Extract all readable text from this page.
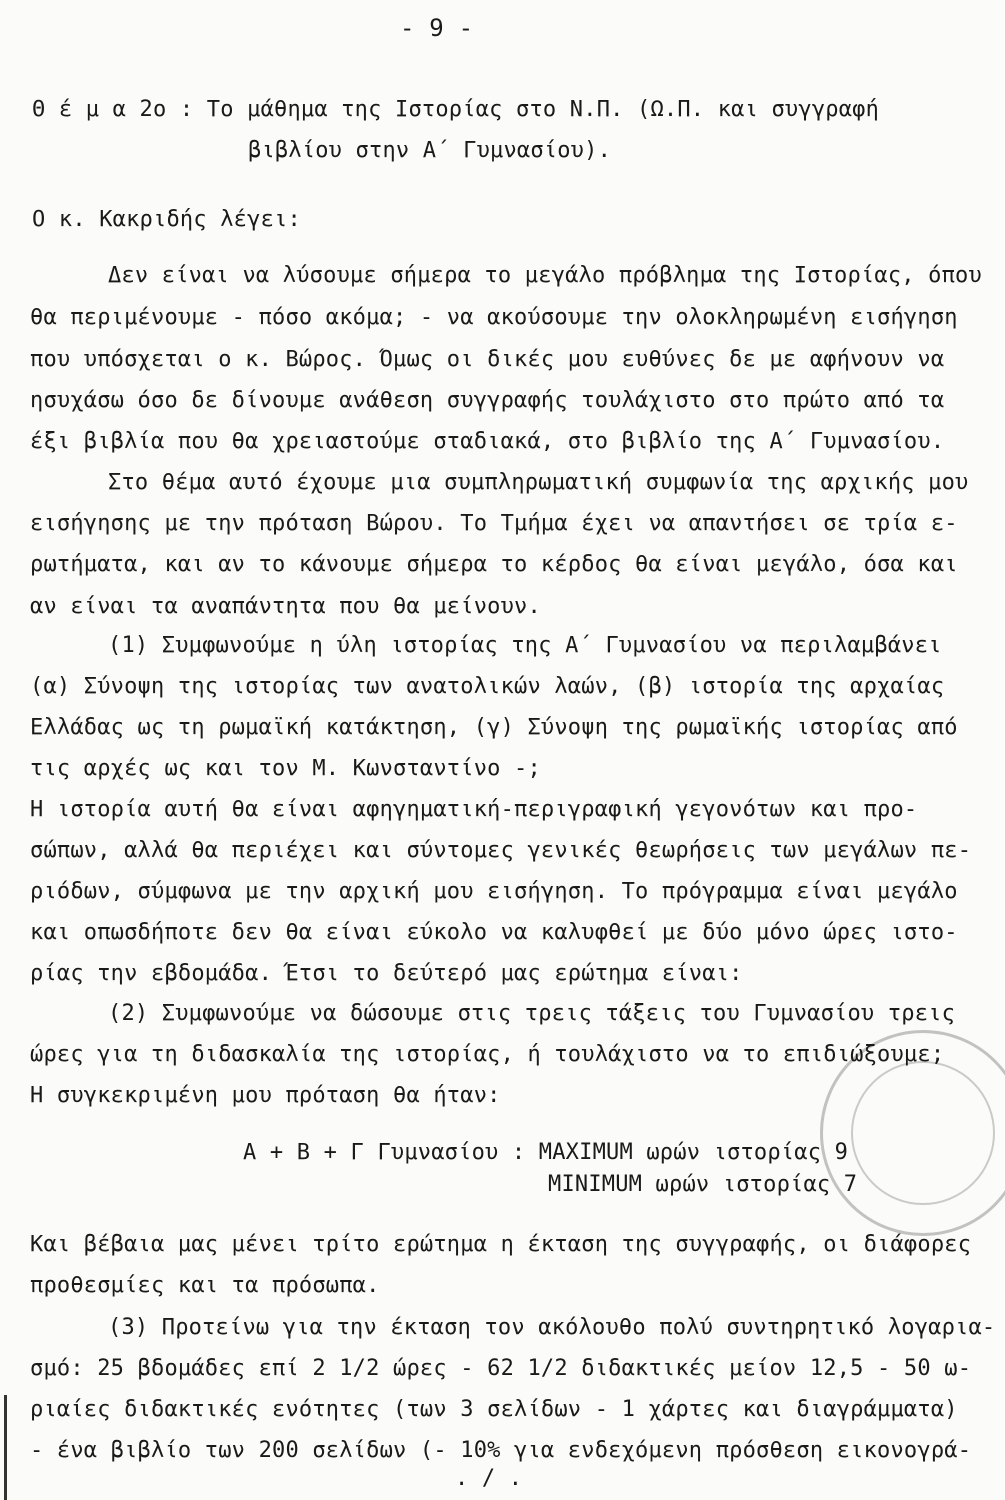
- 9 -
Θ έ μ α 2ο : Το μάθημα της Ιστορίας στο Ν.Π. (Ω.Π. και συγγραφή
βιβλίου στην Α΄ Γυμνασίου).
Ο κ. Κακριδής λέγει:
Δεν είναι να λύσουμε σήμερα το μεγάλο πρόβλημα της Ιστορίας, όπου
θα περιμένουμε - πόσο ακόμα; - να ακούσουμε την ολοκληρωμένη εισήγηση
που υπόσχεται ο κ. Βώρος. Όμως οι δικές μου ευθύνες δε με αφήνουν να
ησυχάσω όσο δε δίνουμε ανάθεση συγγραφής τουλάχιστο στο πρώτο από τα
έξι βιβλία που θα χρειαστούμε σταδιακά, στο βιβλίο της Α΄ Γυμνασίου.
Στο θέμα αυτό έχουμε μια συμπληρωματική συμφωνία της αρχικής μου
εισήγησης με την πρόταση Βώρου. Το Τμήμα έχει να απαντήσει σε τρία ε-
ρωτήματα, και αν το κάνουμε σήμερα το κέρδος θα είναι μεγάλο, όσα και
αν είναι τα αναπάντητα που θα μείνουν.
(1) Συμφωνούμε η ύλη ιστορίας της Α΄ Γυμνασίου να περιλαμβάνει
(α) Σύνοψη της ιστορίας των ανατολικών λαών, (β) ιστορία της αρχαίας
Ελλάδας ως τη ρωμαϊκή κατάκτηση, (γ) Σύνοψη της ρωμαϊκής ιστορίας από
τις αρχές ως και τον Μ. Κωνσταντίνο -;
Η ιστορία αυτή θα είναι αφηγηματική-περιγραφική γεγονότων και προ-
σώπων, αλλά θα περιέχει και σύντομες γενικές θεωρήσεις των μεγάλων πε-
ριόδων, σύμφωνα με την αρχική μου εισήγηση. Το πρόγραμμα είναι μεγάλο
και οπωσδήποτε δεν θα είναι εύκολο να καλυφθεί με δύο μόνο ώρες ιστο-
ρίας την εβδομάδα. Έτσι το δεύτερό μας ερώτημα είναι:
(2) Συμφωνούμε να δώσουμε στις τρεις τάξεις του Γυμνασίου τρεις
ώρες για τη διδασκαλία της ιστορίας, ή τουλάχιστο να το επιδιώξουμε;
Η συγκεκριμένη μου πρόταση θα ήταν:
Α + Β + Γ Γυμνασίου : MAXIMUM ωρών ιστορίας 9
MINIMUM ωρών ιστορίας 7
Και βέβαια μας μένει τρίτο ερώτημα η έκταση της συγγραφής, οι διάφορες
προθεσμίες και τα πρόσωπα.
(3) Προτείνω για την έκταση τον ακόλουθο πολύ συντηρητικό λογαρια-
σμό: 25 βδομάδες επί 2 1/2 ώρες - 62 1/2 διδακτικές μείον 12,5 - 50 ω-
ριαίες διδακτικές ενότητες (των 3 σελίδων - 1 χάρτες και διαγράμματα)
- ένα βιβλίο των 200 σελίδων (- 10% για ενδεχόμενη πρόσθεση εικονογρά-
. / .
